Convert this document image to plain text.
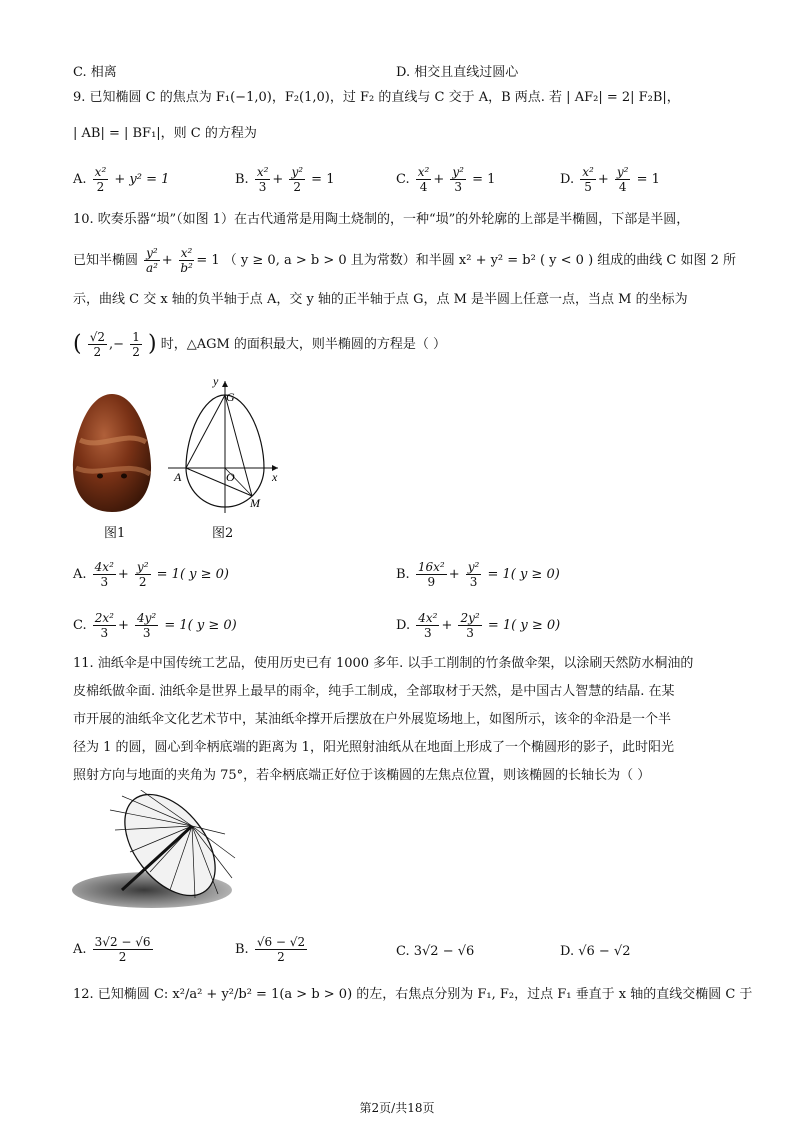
C. 相离	D. 相交且直线过圆心
9. 已知椭圆 C 的焦点为 F₁(−1,0)，F₂(1,0)，过 F₂ 的直线与 C 交于 A，B 两点. 若 | AF₂| = 2| F₂B|，
| AB| = | BF₁|，则 C 的方程为
A. $\frac{\text{x²}}{2} + y^2 = 1$	B. $\frac{\text{x²}}{3} + \frac{\text{y²}}{2} = 1$	C. $\frac{\text{x²}}{4} + \frac{\text{y²}}{3} = 1$	D. $\frac{\text{x²}}{5} + \frac{\text{y²}}{4} = 1$
10. 吹奏乐器“埙”（如图 1）在古代通常是用陶土烧制的，一种“埙”的外轮廓的上部是半椭圆，下部是半圆，
已知半椭圆 $\frac{\text{y²}}{\text{a²}} + \frac{\text{x²}}{\text{b²}} = 1$ （ y ≥ 0, a > b > 0 且为常数）和半圆 x² + y² = b² ( y < 0 ) 组成的曲线 C 如图 2 所
示，曲线 C 交 x 轴的负半轴于点 A，交 y 轴的正半轴于点 G，点 M 是半圆上任意一点，当点 M 的坐标为
( $\frac{√2}{2}$ ,− $\frac{1}{2}$ ) 时，△AGM 的面积最大，则半椭圆的方程是（ ）
图1
y
x
G
A	O
M
图2
A. $\frac{\text{4x²}}{3} + \frac{\text{y²}}{2} = 1$( y ≥ 0)	B. $\frac{\text{16x²}}{9} + \frac{\text{y²}}{3} = 1$( y ≥ 0)
C. $\frac{\text{2x²}}{3} + \frac{\text{4y²}}{3} = 1$( y ≥ 0)	D. $\frac{\text{4x²}}{3} + \frac{\text{2y²}}{3} = 1$( y ≥ 0)
11. 油纸伞是中国传统工艺品，使用历史已有 1000 多年. 以手工削制的竹条做伞架，以涂刷天然防水桐油的
皮棉纸做伞面. 油纸伞是世界上最早的雨伞，纯手工制成，全部取材于天然，是中国古人智慧的结晶. 在某
市开展的油纸伞文化艺术节中，某油纸伞撑开后摆放在户外展览场地上，如图所示，该伞的伞沿是一个半
径为 1 的圆，圆心到伞柄底端的距离为 1，阳光照射油纸从在地面上形成了一个椭圆形的影子，此时阳光
照射方向与地面的夹角为 75°，若伞柄底端正好位于该椭圆的左焦点位置，则该椭圆的长轴长为（ ）
A. $\frac{3√2 - √6}{2}$	B. $\frac{√6 - √2}{2}$	C. 3√2 − √6	D. √6 − √2
12. 已知椭圆 C: x²/a² + y²/b² = 1(a > b > 0) 的左，右焦点分别为 F₁, F₂，过点 F₁ 垂直于 x 轴的直线交椭圆 C 于
第2页/共18页
